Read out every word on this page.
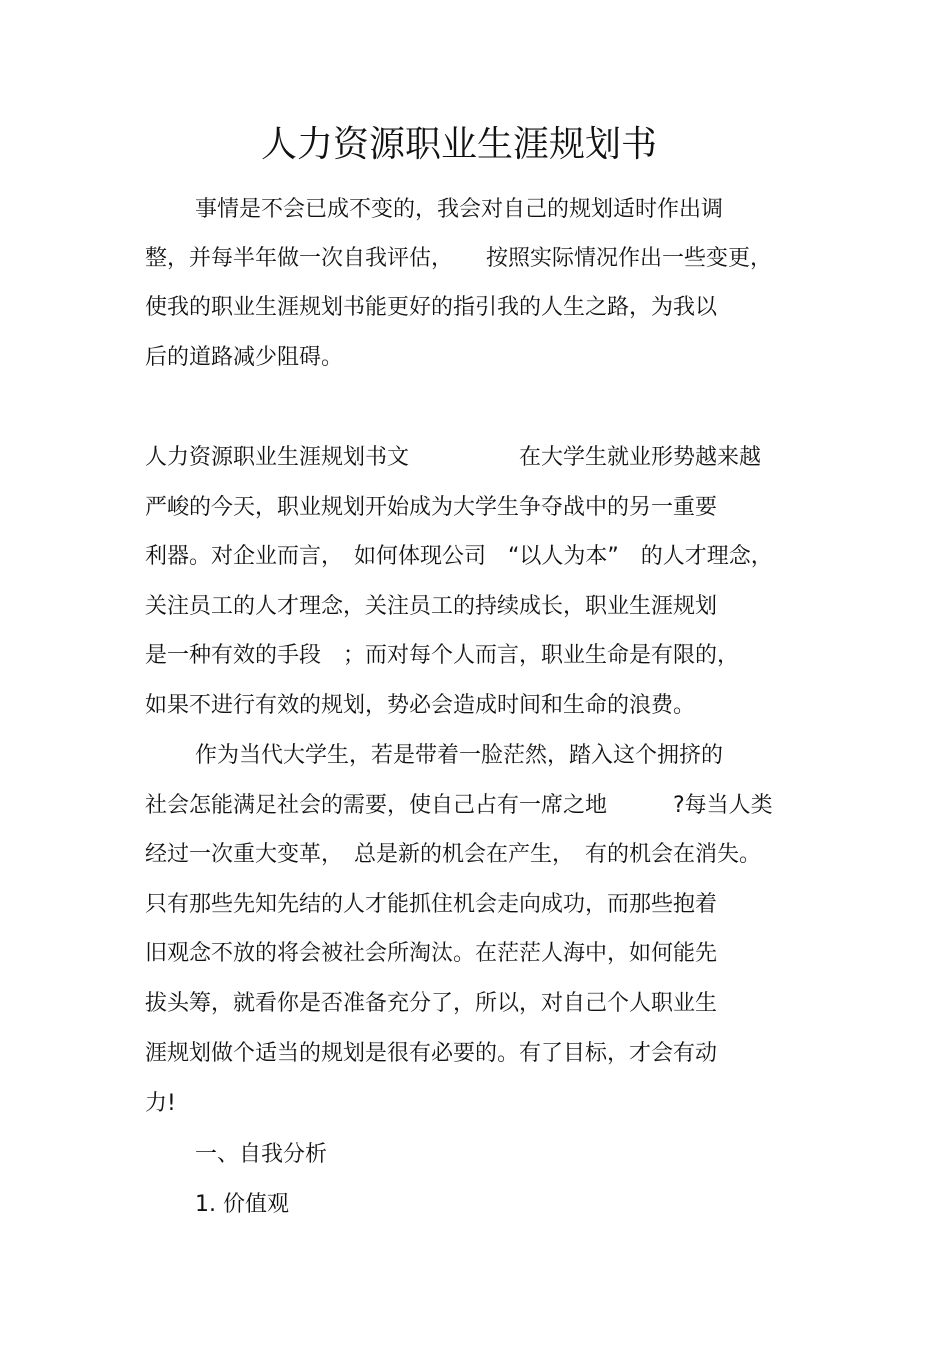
人力资源职业生涯规划书
事情是不会已成不变的，我会对自己的规划适时作出调
整，并每半年做一次自我评估，　　按照实际情况作出一些变更，
使我的职业生涯规划书能更好的指引我的人生之路，为我以
后的道路减少阻碍。
人力资源职业生涯规划书文　　　　　在大学生就业形势越来越
严峻的今天，职业规划开始成为大学生争夺战中的另一重要
利器。对企业而言，　如何体现公司　“以人为本”　的人才理念，
关注员工的人才理念，关注员工的持续成长，职业生涯规划
是一种有效的手段　；而对每个人而言，职业生命是有限的，
如果不进行有效的规划，势必会造成时间和生命的浪费。
作为当代大学生，若是带着一脸茫然，踏入这个拥挤的
社会怎能满足社会的需要，使自己占有一席之地　　　?每当人类
经过一次重大变革，　总是新的机会在产生，　有的机会在消失。
只有那些先知先结的人才能抓住机会走向成功，而那些抱着
旧观念不放的将会被社会所淘汰。在茫茫人海中，如何能先
拔头筹，就看你是否准备充分了，所以，对自己个人职业生
涯规划做个适当的规划是很有必要的。有了目标，才会有动
力!
一、自我分析
1. 价值观
